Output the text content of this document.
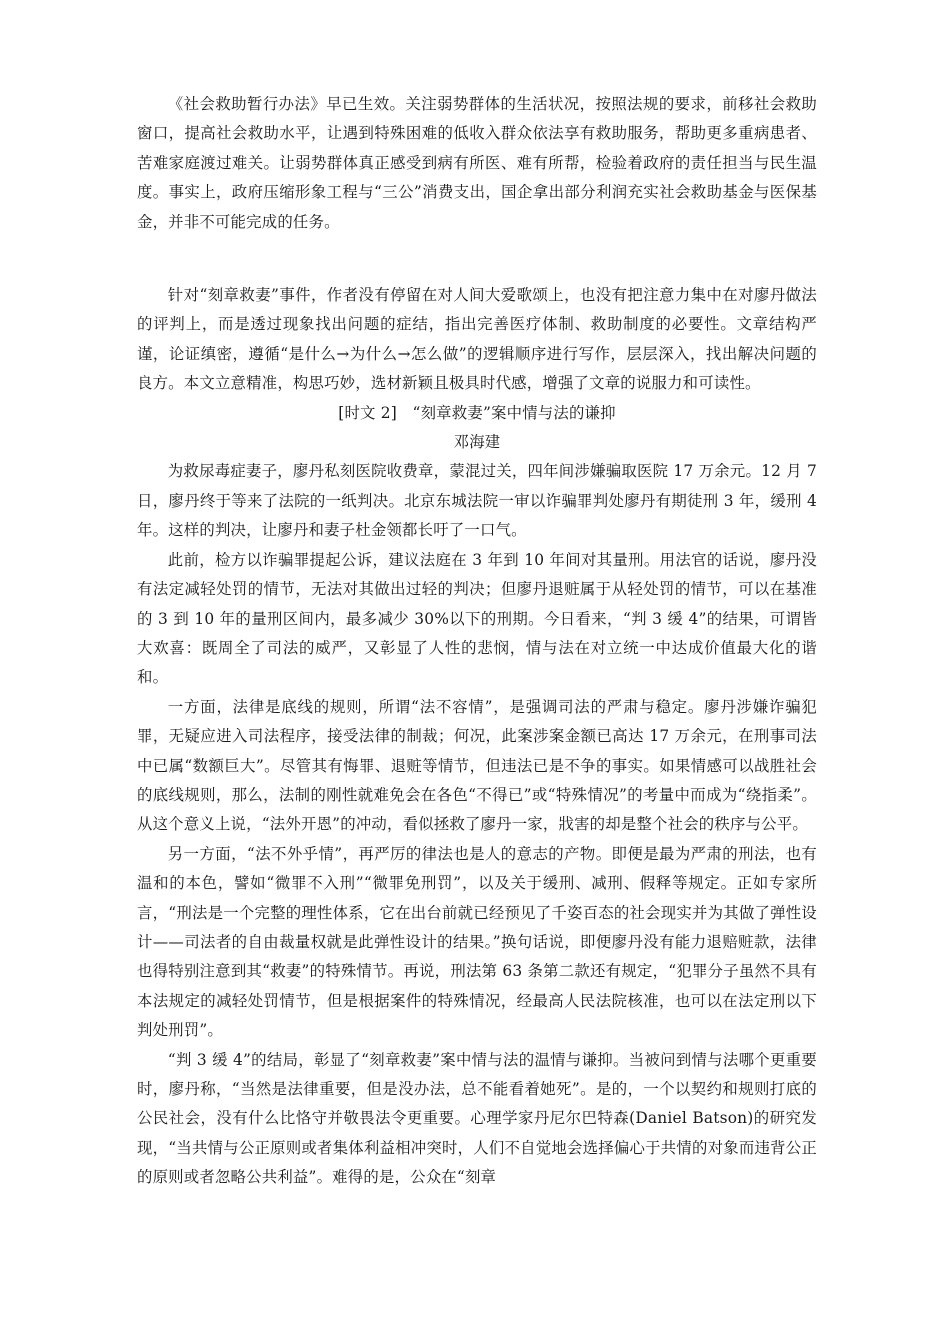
《社会救助暂行办法》早已生效。关注弱势群体的生活状况，按照法规的要求，前移社会救助窗口，提高社会救助水平，让遇到特殊困难的低收入群众依法享有救助服务，帮助更多重病患者、苦难家庭渡过难关。让弱势群体真正感受到病有所医、难有所帮，检验着政府的责任担当与民生温度。事实上，政府压缩形象工程与“三公”消费支出，国企拿出部分利润充实社会救助基金与医保基金，并非不可能完成的任务。

针对“刻章救妻”事件，作者没有停留在对人间大爱歌颂上，也没有把注意力集中在对廖丹做法的评判上，而是透过现象找出问题的症结，指出完善医疗体制、救助制度的必要性。文章结构严谨，论证缜密，遵循“是什么→为什么→怎么做”的逻辑顺序进行写作，层层深入，找出解决问题的良方。本文立意精准，构思巧妙，选材新颖且极具时代感，增强了文章的说服力和可读性。

[时文 2]　“刻章救妻”案中情与法的谦抑

邓海建

为救尿毒症妻子，廖丹私刻医院收费章，蒙混过关，四年间涉嫌骗取医院 17 万余元。12 月 7 日，廖丹终于等来了法院的一纸判决。北京东城法院一审以诈骗罪判处廖丹有期徒刑 3 年，缓刑 4 年。这样的判决，让廖丹和妻子杜金领都长吁了一口气。

此前，检方以诈骗罪提起公诉，建议法庭在 3 年到 10 年间对其量刑。用法官的话说，廖丹没有法定减轻处罚的情节，无法对其做出过轻的判决；但廖丹退赃属于从轻处罚的情节，可以在基准的 3 到 10 年的量刑区间内，最多减少 30%以下的刑期。今日看来，“判 3 缓 4”的结果，可谓皆大欢喜：既周全了司法的威严，又彰显了人性的悲悯，情与法在对立统一中达成价值最大化的谐和。

一方面，法律是底线的规则，所谓“法不容情”，是强调司法的严肃与稳定。廖丹涉嫌诈骗犯罪，无疑应进入司法程序，接受法律的制裁；何况，此案涉案金额已高达 17 万余元，在刑事司法中已属“数额巨大”。尽管其有悔罪、退赃等情节，但违法已是不争的事实。如果情感可以战胜社会的底线规则，那么，法制的刚性就难免会在各色“不得已”或“特殊情况”的考量中而成为“绕指柔”。从这个意义上说，“法外开恩”的冲动，看似拯救了廖丹一家，戕害的却是整个社会的秩序与公平。

另一方面，“法不外乎情”，再严厉的律法也是人的意志的产物。即便是最为严肃的刑法，也有温和的本色，譬如“微罪不入刑”“微罪免刑罚”，以及关于缓刑、减刑、假释等规定。正如专家所言，“刑法是一个完整的理性体系，它在出台前就已经预见了千姿百态的社会现实并为其做了弹性设计——司法者的自由裁量权就是此弹性设计的结果。”换句话说，即便廖丹没有能力退赔赃款，法律也得特别注意到其“救妻”的特殊情节。再说，刑法第 63 条第二款还有规定，“犯罪分子虽然不具有本法规定的减轻处罚情节，但是根据案件的特殊情况，经最高人民法院核准，也可以在法定刑以下判处刑罚”。

“判 3 缓 4”的结局，彰显了“刻章救妻”案中情与法的温情与谦抑。当被问到情与法哪个更重要时，廖丹称，“当然是法律重要，但是没办法，总不能看着她死”。是的，一个以契约和规则打底的公民社会，没有什么比恪守并敬畏法令更重要。心理学家丹尼尔巴特森(Daniel Batson)的研究发现，“当共情与公正原则或者集体利益相冲突时，人们不自觉地会选择偏心于共情的对象而违背公正的原则或者忽略公共利益”。难得的是，公众在“刻章
